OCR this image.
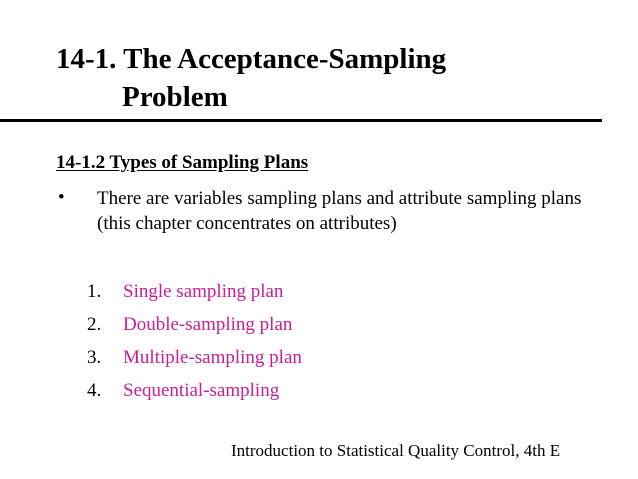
14-1. The Acceptance-Sampling
Problem
14-1.2 Types of Sampling Plans
• There are variables sampling plans and attribute sampling plans (this chapter concentrates on attributes)
1.	Single sampling plan
2.	Double-sampling plan
3.	Multiple-sampling plan
4.	Sequential-sampling
Introduction to Statistical Quality Control, 4th E
